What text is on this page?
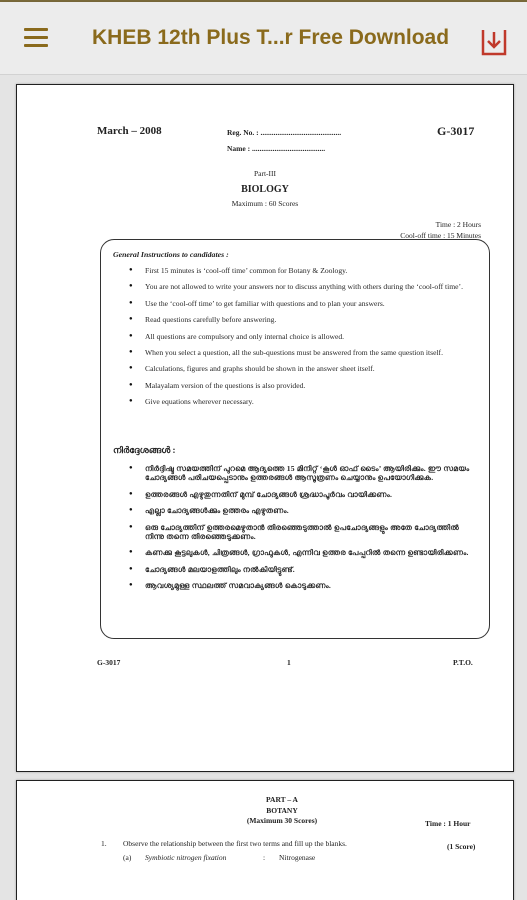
KHEB 12th Plus T...r Free Download
March – 2008	Reg. No. : ...........................................
Name : .......................................
G-3017
Part-III
BIOLOGY
Maximum : 60 Scores
Time : 2 Hours
Cool-off time : 15 Minutes
General Instructions to candidates :
● First 15 minutes is ‘cool-off time’ common for Botany & Zoology.
● You are not allowed to write your answers nor to discuss anything with others during the ‘cool-off time’.
● Use the ‘cool-off time’ to get familiar with questions and to plan your answers.
● Read questions carefully before answering.
● All questions are compulsory and only internal choice is allowed.
● When you select a question, all the sub-questions must be answered from the same question itself.
● Calculations, figures and graphs should be shown in the answer sheet itself.
● Malayalam version of the questions is also provided.
● Give equations wherever necessary.
നിർദ്ദേശങ്ങൾ :
● നിർദ്ദിഷ്ട സമയത്തിന് പുറമെ ആദ്യത്തെ 15 മിനിറ്റ് ‘കൂൾ ഓഫ് ടൈം’ ആയിരിക്കും. ഈ സമയം ചോദ്യങ്ങൾ പരിചയപ്പെടാനും ഉത്തരങ്ങൾ ആസൂത്രണം ചെയ്യാനും ഉപയോഗിക്കുക.
● ഉത്തരങ്ങൾ എഴുതുന്നതിന് മുമ്പ് ചോദ്യങ്ങൾ ശ്രദ്ധാപൂർവം വായിക്കണം.
● എല്ലാ ചോദ്യങ്ങൾക്കും ഉത്തരം എഴുതണം.
● ഒരു ചോദ്യത്തിന് ഉത്തരമെഴുതാൻ തിരഞ്ഞെടുത്താൽ ഉപചോദ്യങ്ങളും അതേ ചോദ്യത്തിൽ നിന്നു തന്നെ തിരഞ്ഞെടുക്കണം.
● കണക്കു കൂട്ടലുകൾ, ചിത്രങ്ങൾ, ഗ്രാഫുകൾ, എന്നിവ ഉത്തര പേപ്പറിൽ തന്നെ ഉണ്ടായിരിക്കണം.
● ചോദ്യങ്ങൾ മലയാളത്തിലും നൽകിയിട്ടുണ്ട്.
● ആവശ്യമുള്ള സ്ഥലത്ത് സമവാക്യങ്ങൾ കൊടുക്കണം.
G-3017	1	P.T.O.
PART – A
BOTANY
(Maximum 30 Scores)	Time : 1 Hour
1. Observe the relationship between the first two terms and fill up the blanks.	(1 Score)
(a) Symbiotic nitrogen fixation	: Nitrogenase
